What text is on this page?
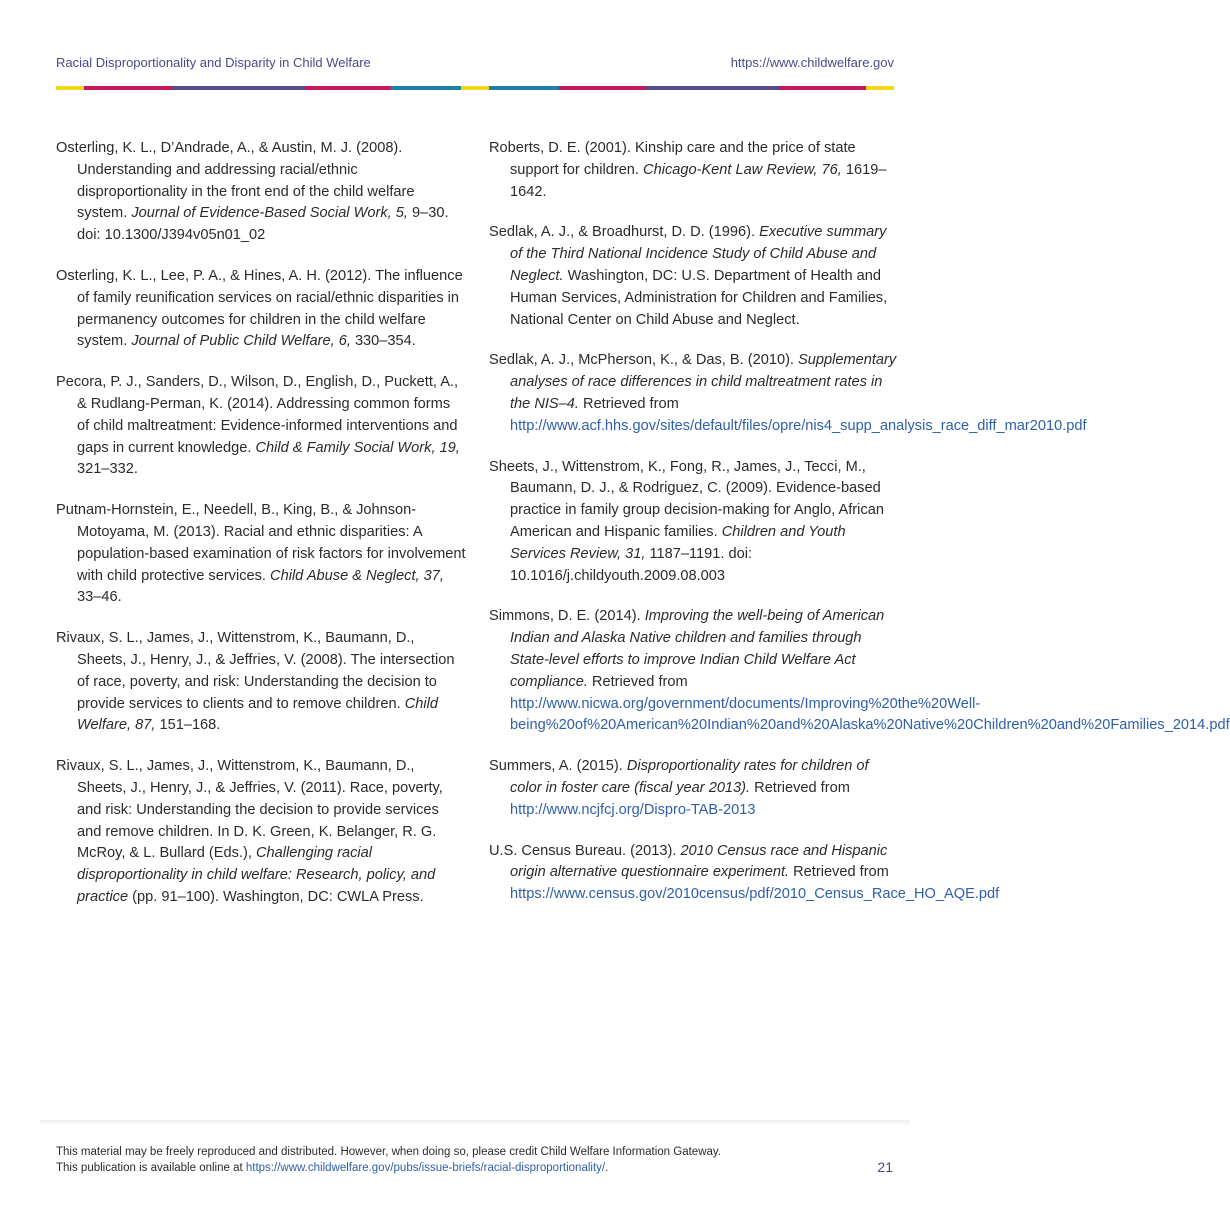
Racial Disproportionality and Disparity in Child Welfare	https://www.childwelfare.gov

Osterling, K. L., D’Andrade, A., & Austin, M. J. (2008). Understanding and addressing racial/ethnic disproportionality in the front end of the child welfare system. Journal of Evidence-Based Social Work, 5, 9–30. doi: 10.1300/J394v05n01_02

Osterling, K. L., Lee, P. A., & Hines, A. H. (2012). The influence of family reunification services on racial/ethnic disparities in permanency outcomes for children in the child welfare system. Journal of Public Child Welfare, 6, 330–354.

Pecora, P. J., Sanders, D., Wilson, D., English, D., Puckett, A., & Rudlang-Perman, K. (2014). Addressing common forms of child maltreatment: Evidence-informed interventions and gaps in current knowledge. Child & Family Social Work, 19, 321–332.

Putnam-Hornstein, E., Needell, B., King, B., & Johnson-Motoyama, M. (2013). Racial and ethnic disparities: A population-based examination of risk factors for involvement with child protective services. Child Abuse & Neglect, 37, 33–46.

Rivaux, S. L., James, J., Wittenstrom, K., Baumann, D., Sheets, J., Henry, J., & Jeffries, V. (2008). The intersection of race, poverty, and risk: Understanding the decision to provide services to clients and to remove children. Child Welfare, 87, 151–168.

Rivaux, S. L., James, J., Wittenstrom, K., Baumann, D., Sheets, J., Henry, J., & Jeffries, V. (2011). Race, poverty, and risk: Understanding the decision to provide services and remove children. In D. K. Green, K. Belanger, R. G. McRoy, & L. Bullard (Eds.), Challenging racial disproportionality in child welfare: Research, policy, and practice (pp. 91–100). Washington, DC: CWLA Press.

Roberts, D. E. (2001). Kinship care and the price of state support for children. Chicago-Kent Law Review, 76, 1619–1642.

Sedlak, A. J., & Broadhurst, D. D. (1996). Executive summary of the Third National Incidence Study of Child Abuse and Neglect. Washington, DC: U.S. Department of Health and Human Services, Administration for Children and Families, National Center on Child Abuse and Neglect.

Sedlak, A. J., McPherson, K., & Das, B. (2010). Supplementary analyses of race differences in child maltreatment rates in the NIS–4. Retrieved from http://www.acf.hhs.gov/sites/default/files/opre/nis4_supp_analysis_race_diff_mar2010.pdf

Sheets, J., Wittenstrom, K., Fong, R., James, J., Tecci, M., Baumann, D. J., & Rodriguez, C. (2009). Evidence-based practice in family group decision-making for Anglo, African American and Hispanic families. Children and Youth Services Review, 31, 1187–1191. doi: 10.1016/j.childyouth.2009.08.003

Simmons, D. E. (2014). Improving the well-being of American Indian and Alaska Native children and families through State-level efforts to improve Indian Child Welfare Act compliance. Retrieved from http://www.nicwa.org/government/documents/Improving%20the%20Well-being%20of%20American%20Indian%20and%20Alaska%20Native%20Children%20and%20Families_2014.pdf

Summers, A. (2015). Disproportionality rates for children of color in foster care (fiscal year 2013). Retrieved from http://www.ncjfcj.org/Dispro-TAB-2013

U.S. Census Bureau. (2013). 2010 Census race and Hispanic origin alternative questionnaire experiment. Retrieved from https://www.census.gov/2010census/pdf/2010_Census_Race_HO_AQE.pdf

This material may be freely reproduced and distributed. However, when doing so, please credit Child Welfare Information Gateway.
This publication is available online at https://www.childwelfare.gov/pubs/issue-briefs/racial-disproportionality/.	21
